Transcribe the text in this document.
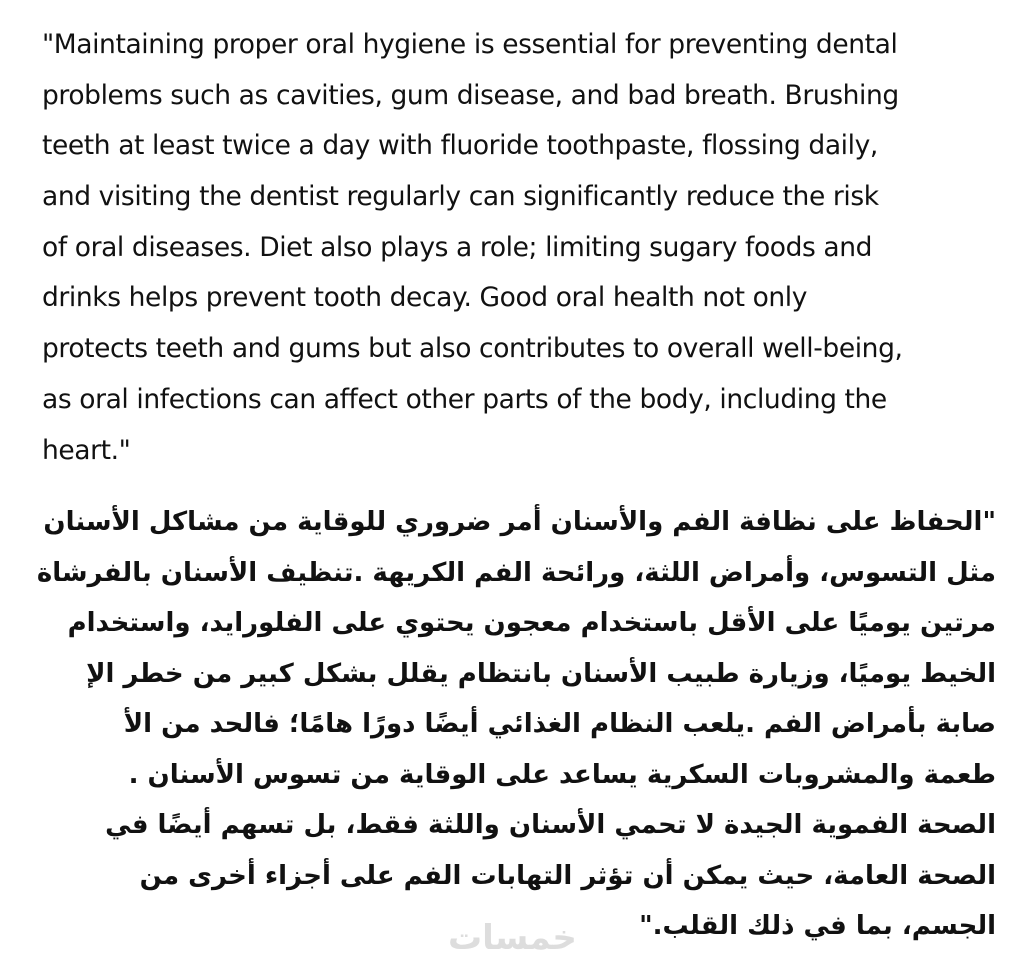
"Maintaining proper oral hygiene is essential for preventing dental
problems such as cavities, gum disease, and bad breath. Brushing
teeth at least twice a day with fluoride toothpaste, flossing daily,
and visiting the dentist regularly can significantly reduce the risk
of oral diseases. Diet also plays a role; limiting sugary foods and
drinks helps prevent tooth decay. Good oral health not only
protects teeth and gums but also contributes to overall well-being,
as oral infections can affect other parts of the body, including the
heart."
"الحفاظ على نظافة الفم والأسنان أمر ضروري للوقاية من مشاكل الأسنان
مثل التسوس، وأمراض اللثة، ورائحة الفم الكريهة .تنظيف الأسنان بالفرشاة
مرتين يوميًا على الأقل باستخدام معجون يحتوي على الفلورايد، واستخدام
الخيط يوميًا، وزيارة طبيب الأسنان بانتظام يقلل بشكل كبير من خطر الإ
صابة بأمراض الفم .يلعب النظام الغذائي أيضًا دورًا هامًا؛ فالحد من الأ
طعمة والمشروبات السكرية يساعد على الوقاية من تسوس الأسنان .
الصحة الفموية الجيدة لا تحمي الأسنان واللثة فقط، بل تسهم أيضًا في
الصحة العامة، حيث يمكن أن تؤثر التهابات الفم على أجزاء أخرى من
الجسم، بما في ذلك القلب."
خمسات
